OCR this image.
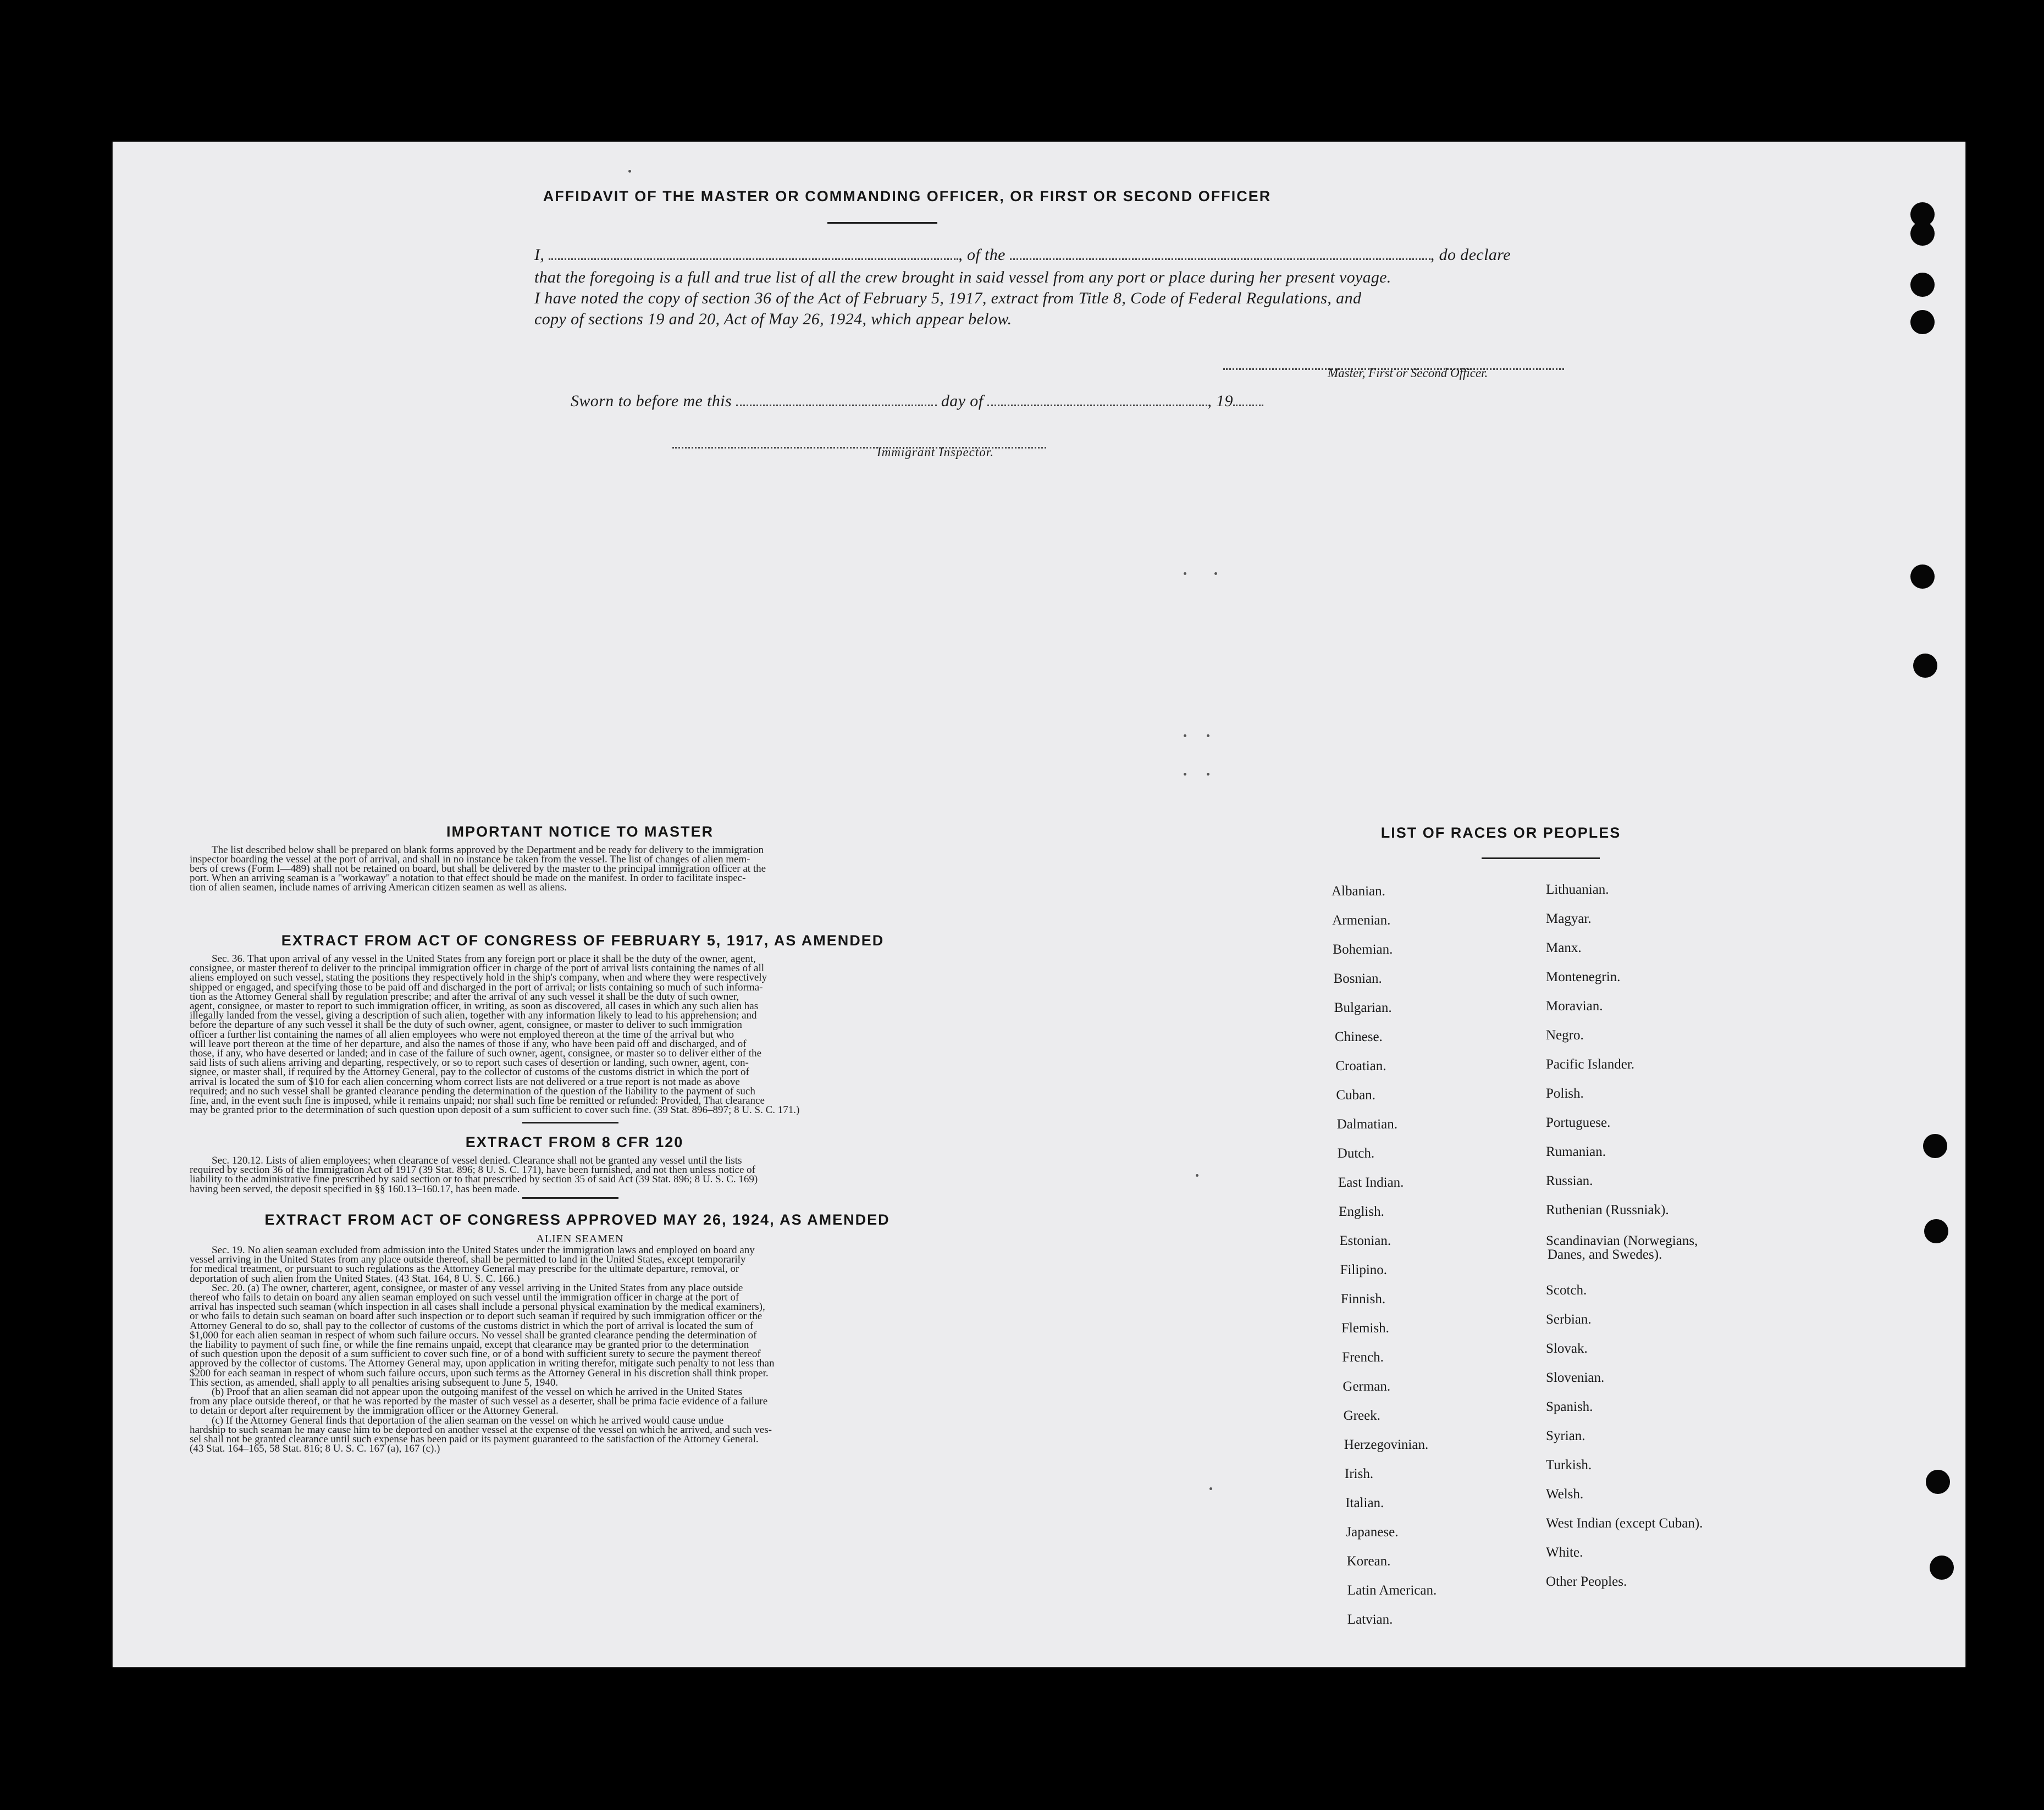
AFFIDAVIT OF THE MASTER OR COMMANDING OFFICER, OR FIRST OR SECOND OFFICER
I,	, of the	, do declare
that the foregoing is a full and true list of all the crew brought in said vessel from any port or place during her present voyage.
I have noted the copy of section 36 of the Act of February 5, 1917, extract from Title 8, Code of Federal Regulations, and
copy of sections 19 and 20, Act of May 26, 1924, which appear below.
Master, First or Second Officer.
Sworn to before me this	day of	, 19
Immigrant Inspector.
IMPORTANT NOTICE TO MASTER
The list described below shall be prepared on blank forms approved by the Department and be ready for delivery to the immigration
inspector boarding the vessel at the port of arrival, and shall in no instance be taken from the vessel. The list of changes of alien mem-
bers of crews (Form I—489) shall not be retained on board, but shall be delivered by the master to the principal immigration officer at the
port. When an arriving seaman is a "workaway" a notation to that effect should be made on the manifest. In order to facilitate inspec-
tion of alien seamen, include names of arriving American citizen seamen as well as aliens.
EXTRACT FROM ACT OF CONGRESS OF FEBRUARY 5, 1917, AS AMENDED
Sec. 36. That upon arrival of any vessel in the United States from any foreign port or place it shall be the duty of the owner, agent,
consignee, or master thereof to deliver to the principal immigration officer in charge of the port of arrival lists containing the names of all
aliens employed on such vessel, stating the positions they respectively hold in the ship's company, when and where they were respectively
shipped or engaged, and specifying those to be paid off and discharged in the port of arrival; or lists containing so much of such informa-
tion as the Attorney General shall by regulation prescribe; and after the arrival of any such vessel it shall be the duty of such owner,
agent, consignee, or master to report to such immigration officer, in writing, as soon as discovered, all cases in which any such alien has
illegally landed from the vessel, giving a description of such alien, together with any information likely to lead to his apprehension; and
before the departure of any such vessel it shall be the duty of such owner, agent, consignee, or master to deliver to such immigration
officer a further list containing the names of all alien employees who were not employed thereon at the time of the arrival but who
will leave port thereon at the time of her departure, and also the names of those if any, who have been paid off and discharged, and of
those, if any, who have deserted or landed; and in case of the failure of such owner, agent, consignee, or master so to deliver either of the
said lists of such aliens arriving and departing, respectively, or so to report such cases of desertion or landing, such owner, agent, con-
signee, or master shall, if required by the Attorney General, pay to the collector of customs of the customs district in which the port of
arrival is located the sum of $10 for each alien concerning whom correct lists are not delivered or a true report is not made as above
required; and no such vessel shall be granted clearance pending the determination of the question of the liability to the payment of such
fine, and, in the event such fine is imposed, while it remains unpaid; nor shall such fine be remitted or refunded: Provided, That clearance
may be granted prior to the determination of such question upon deposit of a sum sufficient to cover such fine. (39 Stat. 896–897; 8 U. S. C. 171.)
EXTRACT FROM 8 CFR 120
Sec. 120.12. Lists of alien employees; when clearance of vessel denied. Clearance shall not be granted any vessel until the lists
required by section 36 of the Immigration Act of 1917 (39 Stat. 896; 8 U. S. C. 171), have been furnished, and not then unless notice of
liability to the administrative fine prescribed by said section or to that prescribed by section 35 of said Act (39 Stat. 896; 8 U. S. C. 169)
having been served, the deposit specified in §§ 160.13–160.17, has been made.
EXTRACT FROM ACT OF CONGRESS APPROVED MAY 26, 1924, AS AMENDED
ALIEN SEAMEN
Sec. 19. No alien seaman excluded from admission into the United States under the immigration laws and employed on board any
vessel arriving in the United States from any place outside thereof, shall be permitted to land in the United States, except temporarily
for medical treatment, or pursuant to such regulations as the Attorney General may prescribe for the ultimate departure, removal, or
deportation of such alien from the United States. (43 Stat. 164, 8 U. S. C. 166.)
Sec. 20. (a) The owner, charterer, agent, consignee, or master of any vessel arriving in the United States from any place outside
thereof who fails to detain on board any alien seaman employed on such vessel until the immigration officer in charge at the port of
arrival has inspected such seaman (which inspection in all cases shall include a personal physical examination by the medical examiners),
or who fails to detain such seaman on board after such inspection or to deport such seaman if required by such immigration officer or the
Attorney General to do so, shall pay to the collector of customs of the customs district in which the port of arrival is located the sum of
$1,000 for each alien seaman in respect of whom such failure occurs. No vessel shall be granted clearance pending the determination of
the liability to payment of such fine, or while the fine remains unpaid, except that clearance may be granted prior to the determination
of such question upon the deposit of a sum sufficient to cover such fine, or of a bond with sufficient surety to secure the payment thereof
approved by the collector of customs. The Attorney General may, upon application in writing therefor, mitigate such penalty to not less than
$200 for each seaman in respect of whom such failure occurs, upon such terms as the Attorney General in his discretion shall think proper.
This section, as amended, shall apply to all penalties arising subsequent to June 5, 1940.
(b) Proof that an alien seaman did not appear upon the outgoing manifest of the vessel on which he arrived in the United States
from any place outside thereof, or that he was reported by the master of such vessel as a deserter, shall be prima facie evidence of a failure
to detain or deport after requirement by the immigration officer or the Attorney General.
(c) If the Attorney General finds that deportation of the alien seaman on the vessel on which he arrived would cause undue
hardship to such seaman he may cause him to be deported on another vessel at the expense of the vessel on which he arrived, and such ves-
sel shall not be granted clearance until such expense has been paid or its payment guaranteed to the satisfaction of the Attorney General.
(43 Stat. 164–165, 58 Stat. 816; 8 U. S. C. 167 (a), 167 (c).)
LIST OF RACES OR PEOPLES
Albanian.
Armenian.
Bohemian.
Bosnian.
Bulgarian.
Chinese.
Croatian.
Cuban.
Dalmatian.
Dutch.
East Indian.
English.
Estonian.
Filipino.
Finnish.
Flemish.
French.
German.
Greek.
Herzegovinian.
Irish.
Italian.
Japanese.
Korean.
Latin American.
Latvian.
Lithuanian.
Magyar.
Manx.
Montenegrin.
Moravian.
Negro.
Pacific Islander.
Polish.
Portuguese.
Rumanian.
Russian.
Ruthenian (Russniak).
Scandinavian (Norwegians,
Danes, and Swedes).
Scotch.
Serbian.
Slovak.
Slovenian.
Spanish.
Syrian.
Turkish.
Welsh.
West Indian (except Cuban).
White.
Other Peoples.
